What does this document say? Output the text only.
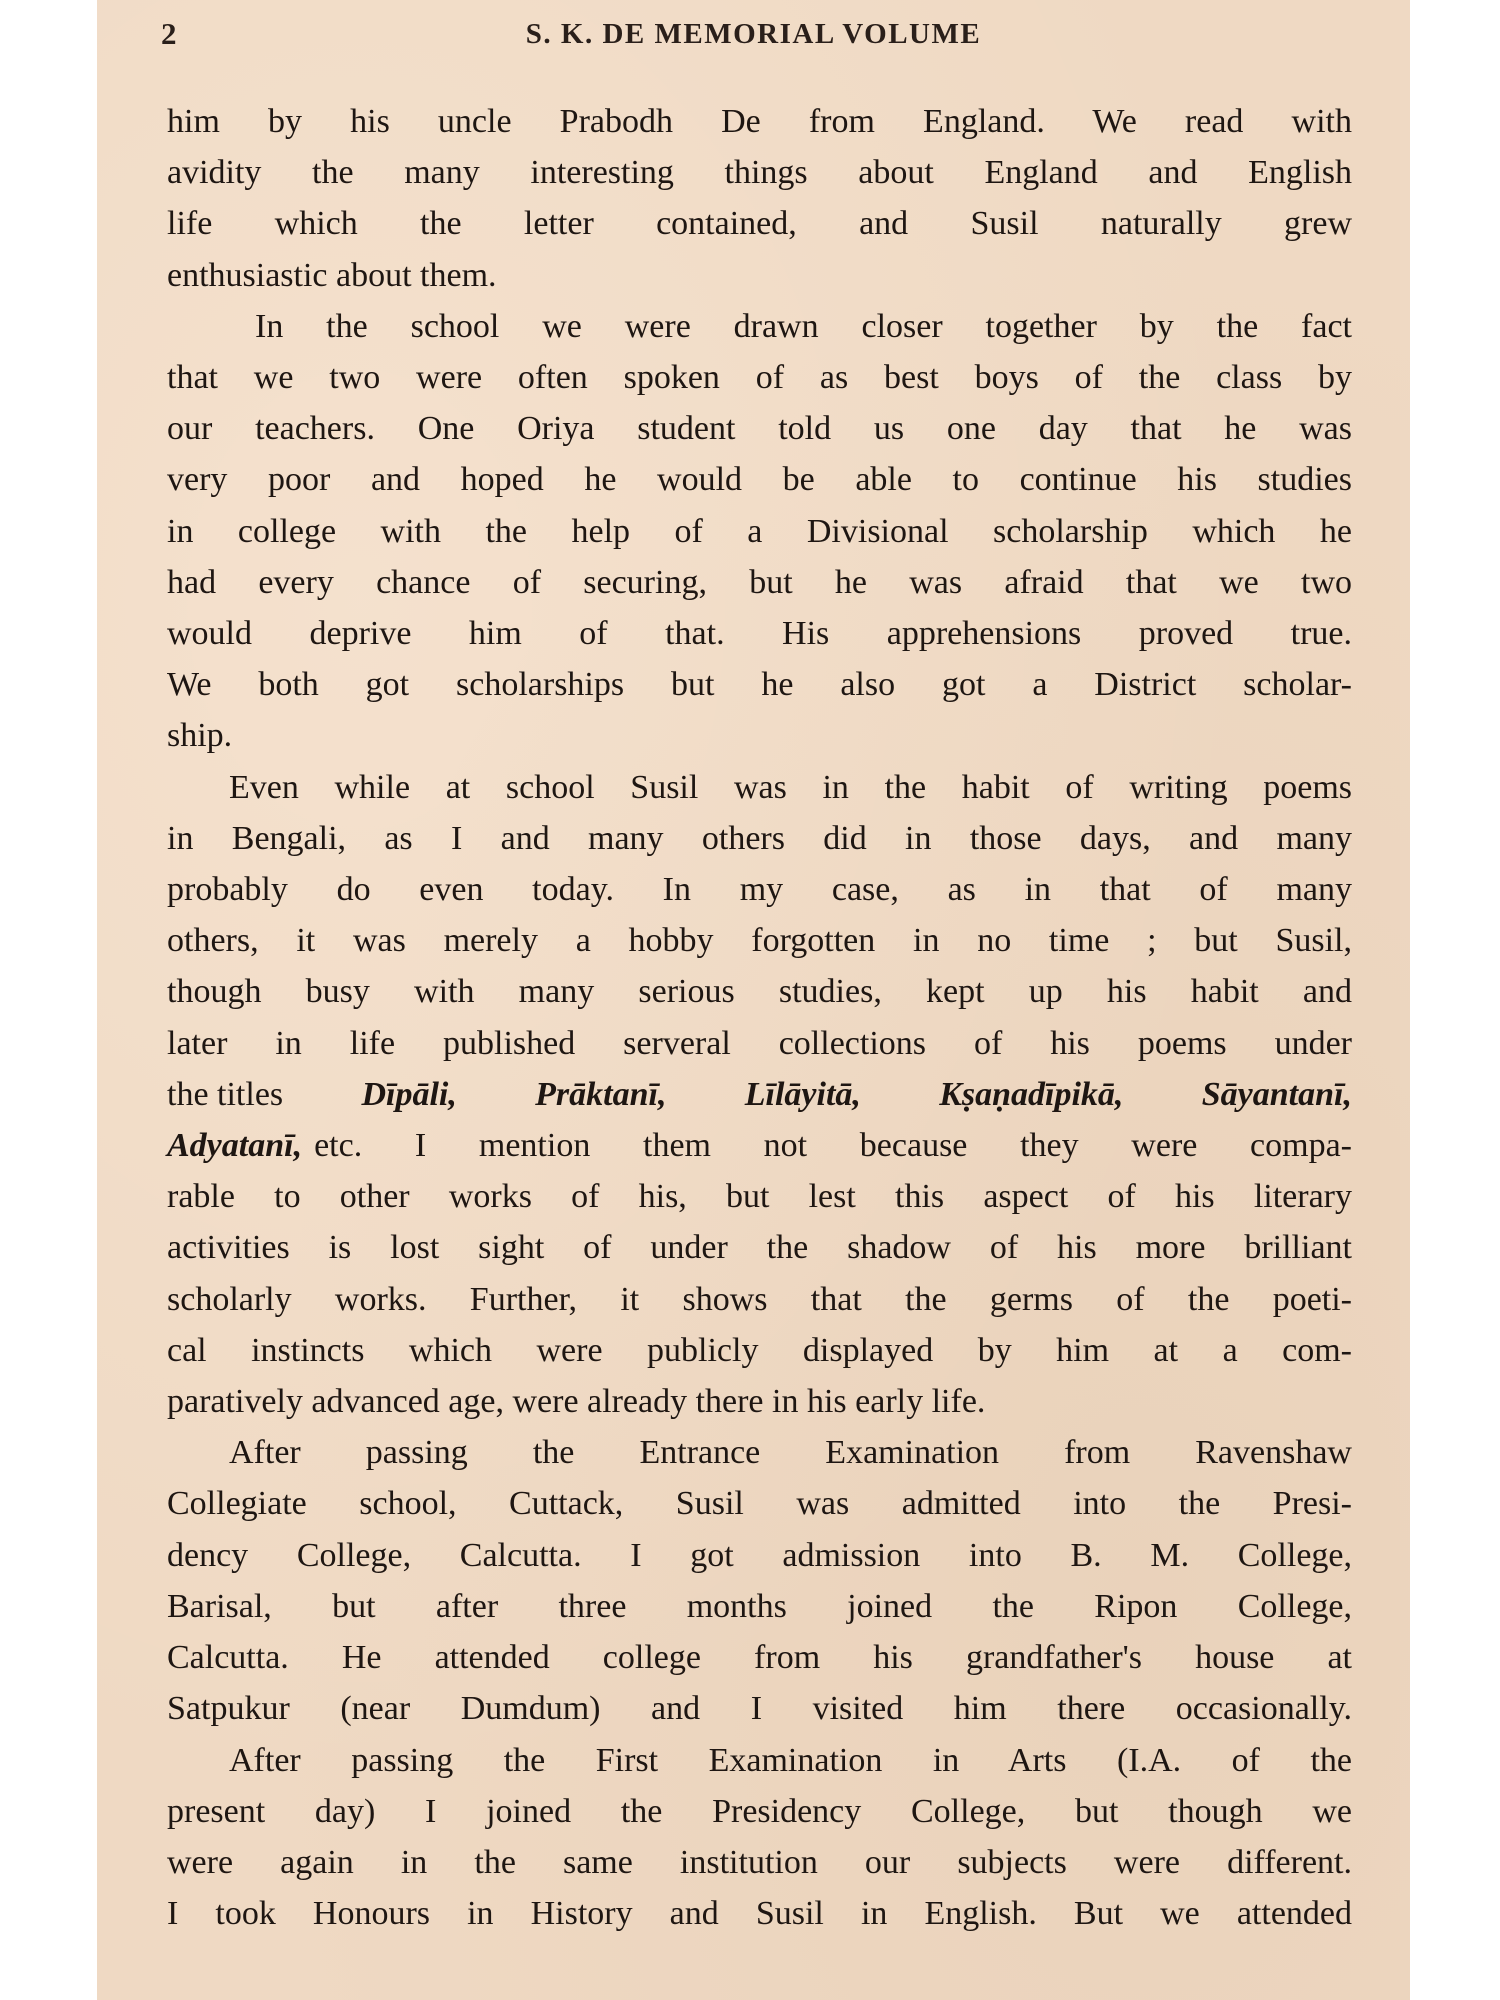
2	S. K. DE MEMORIAL VOLUME
him by his uncle Prabodh De from England. We read with
avidity the many interesting things about England and English
life which the letter contained, and Susil naturally grew
enthusiastic about them.
In the school we were drawn closer together by the fact
that we two were often spoken of as best boys of the class by
our teachers. One Oriya student told us one day that he was
very poor and hoped he would be able to continue his studies
in college with the help of a Divisional scholarship which he
had every chance of securing, but he was afraid that we two
would deprive him of that. His apprehensions proved true.
We both got scholarships but he also got a District scholar-
ship.
Even while at school Susil was in the habit of writing poems
in Bengali, as I and many others did in those days, and many
probably do even today. In my case, as in that of many
others, it was merely a hobby forgotten in no time ; but Susil,
though busy with many serious studies, kept up his habit and
later in life published serveral collections of his poems under
the titles Dīpāli, Prāktanī, Līlāyitā, Kṣaṇadīpikā, Sāyantanī,
Adyatanī, etc. I mention them not because they were compa-
rable to other works of his, but lest this aspect of his literary
activities is lost sight of under the shadow of his more brilliant
scholarly works. Further, it shows that the germs of the poeti-
cal instincts which were publicly displayed by him at a com-
paratively advanced age, were already there in his early life.
After passing the Entrance Examination from Ravenshaw
Collegiate school, Cuttack, Susil was admitted into the Presi-
dency College, Calcutta. I got admission into B. M. College,
Barisal, but after three months joined the Ripon College,
Calcutta. He attended college from his grandfather's house at
Satpukur (near Dumdum) and I visited him there occasionally.
After passing the First Examination in Arts (I.A. of the
present day) I joined the Presidency College, but though we
were again in the same institution our subjects were different.
I took Honours in History and Susil in English. But we attended
